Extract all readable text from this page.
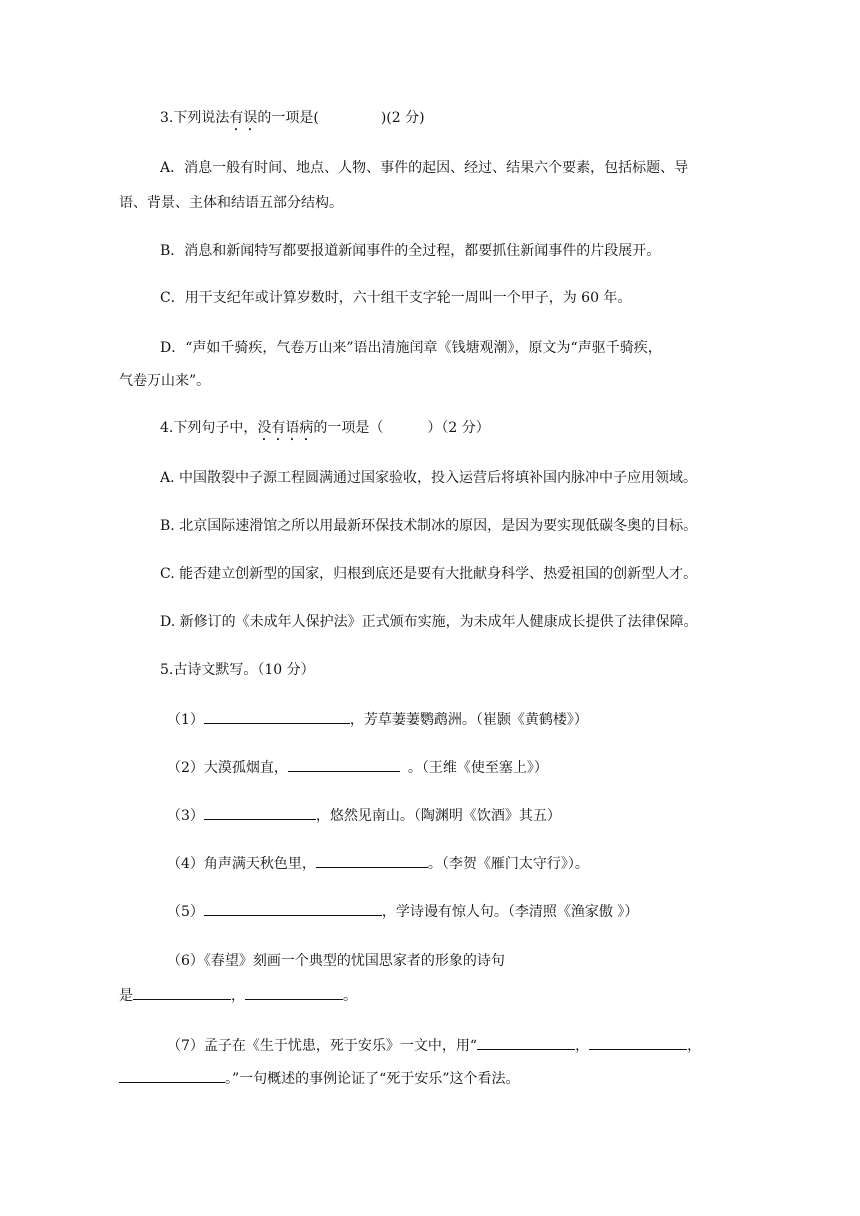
3.下列说法有误的一项是(	)(2 分)
A．消息一般有时间、地点、人物、事件的起因、经过、结果六个要素，包括标题、导
语、背景、主体和结语五部分结构。
B．消息和新闻特写都要报道新闻事件的全过程，都要抓住新闻事件的片段展开。
C．用干支纪年或计算岁数时，六十组干支字轮一周叫一个甲子，为 60 年。
D．“声如千骑疾，气卷万山来”语出清施闰章《钱塘观潮》，原文为“声驱千骑疾，
气卷万山来”。
4.下列句子中，没有语病的一项是（	）（2 分）
A. 中国散裂中子源工程圆满通过国家验收，投入运营后将填补国内脉冲中子应用领域。
B. 北京国际速滑馆之所以用最新环保技术制冰的原因，是因为要实现低碳冬奥的目标。
C. 能否建立创新型的国家，归根到底还是要有大批献身科学、热爱祖国的创新型人才。
D. 新修订的《未成年人保护法》正式颁布实施，为未成年人健康成长提供了法律保障。
5.古诗文默写。（10 分）
（1）	，芳草萋萋鹦鹉洲。（崔颢《黄鹤楼》）
（2）大漠孤烟直，	。（王维《使至塞上》）
（3）	，悠然见南山。（陶渊明《饮酒》其五）
（4）角声满天秋色里，	。（李贺《雁门太守行》）。
（5）	，学诗谩有惊人句。（李清照《渔家傲 》）
（6）《春望》刻画一个典型的忧国思家者的形象的诗句
是	，	。
（7）孟子在《生于忧患，死于安乐》一文中，用“	，	，
。”一句概述的事例论证了“死于安乐”这个看法。
